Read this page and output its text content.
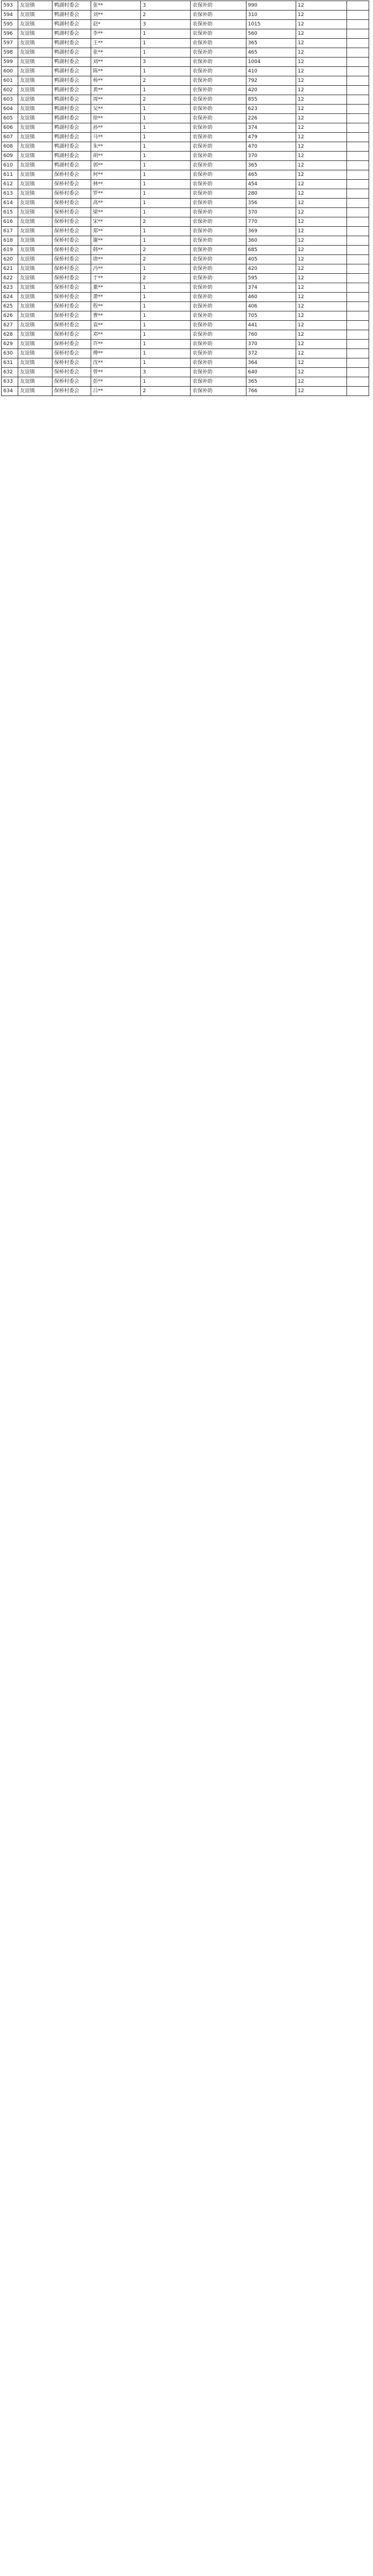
593	友谊镇	鸭湖村委会	张**	3	农保补助	990	12	
594	友谊镇	鸭湖村委会	刘**	2	农保补助	310	12	
595	友谊镇	鸭湖村委会	赵*	3	农保补助	1015	12	
596	友谊镇	鸭湖村委会	李**	1	农保补助	560	12	
597	友谊镇	鸭湖村委会	王**	1	农保补助	365	12	
598	友谊镇	鸭湖村委会	张**	1	农保补助	465	12	
599	友谊镇	鸭湖村委会	刘**	3	农保补助	1004	12	
600	友谊镇	鸭湖村委会	陈**	1	农保补助	410	12	
601	友谊镇	鸭湖村委会	杨**	2	农保补助	792	12	
602	友谊镇	鸭湖村委会	黄**	1	农保补助	420	12	
603	友谊镇	鸭湖村委会	周**	2	农保补助	855	12	
604	友谊镇	鸭湖村委会	吴**	1	农保补助	623	12	
605	友谊镇	鸭湖村委会	徐**	1	农保补助	226	12	
606	友谊镇	鸭湖村委会	孙**	1	农保补助	374	12	
607	友谊镇	鸭湖村委会	马**	1	农保补助	479	12	
608	友谊镇	鸭湖村委会	朱**	1	农保补助	470	12	
609	友谊镇	鸭湖村委会	胡**	1	农保补助	370	12	
610	友谊镇	鸭湖村委会	郭**	1	农保补助	365	12	
611	友谊镇	保桥村委会	何**	1	农保补助	465	12	
612	友谊镇	保桥村委会	林**	1	农保补助	454	12	
613	友谊镇	保桥村委会	罗**	1	农保补助	280	12	
614	友谊镇	保桥村委会	高**	1	农保补助	356	12	
615	友谊镇	保桥村委会	梁**	1	农保补助	370	12	
616	友谊镇	保桥村委会	宋**	2	农保补助	770	12	
617	友谊镇	保桥村委会	郑**	1	农保补助	369	12	
618	友谊镇	保桥村委会	谢**	1	农保补助	360	12	
619	友谊镇	保桥村委会	韩**	2	农保补助	685	12	
620	友谊镇	保桥村委会	唐**	2	农保补助	405	12	
621	友谊镇	保桥村委会	冯**	1	农保补助	420	12	
622	友谊镇	保桥村委会	于**	2	农保补助	595	12	
623	友谊镇	保桥村委会	董**	1	农保补助	374	12	
624	友谊镇	保桥村委会	萧**	1	农保补助	460	12	
625	友谊镇	保桥村委会	程**	1	农保补助	406	12	
626	友谊镇	保桥村委会	曹**	1	农保补助	705	12	
627	友谊镇	保桥村委会	袁**	1	农保补助	441	12	
628	友谊镇	保桥村委会	邓**	1	农保补助	760	12	
629	友谊镇	保桥村委会	许**	1	农保补助	370	12	
630	友谊镇	保桥村委会	傅**	1	农保补助	372	12	
631	友谊镇	保桥村委会	沈**	1	农保补助	364	12	
632	友谊镇	保桥村委会	曾**	3	农保补助	640	12	
633	友谊镇	保桥村委会	彭**	1	农保补助	365	12	
634	友谊镇	保桥村委会	吕**	2	农保补助	766	12	
